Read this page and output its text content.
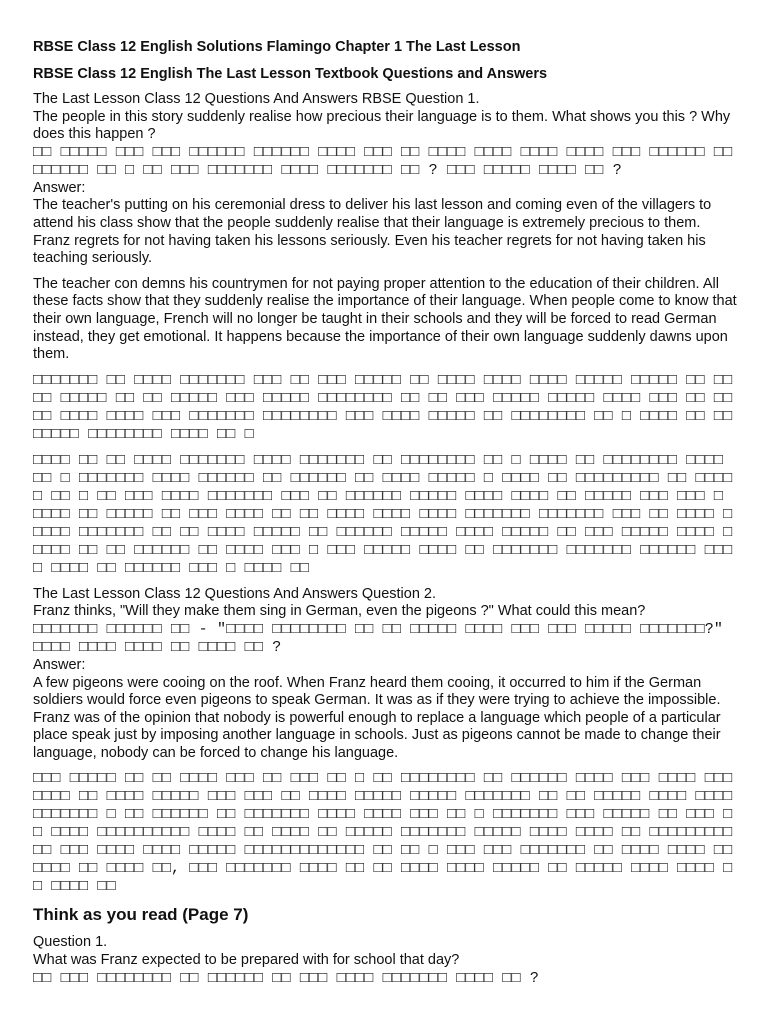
RBSE Class 12 English Solutions Flamingo Chapter 1 The Last Lesson
RBSE Class 12 English The Last Lesson Textbook Questions and Answers

The Last Lesson Class 12 Questions And Answers RBSE Question 1.
The people in this story suddenly realise how precious their language is to them. What shows you this ? Why does this happen ?
□□ □□□□□ □□□ □□□ □□□□□□ □□□□□□ □□□□ □□□ □□ □□□□ □□□□ □□□□ □□□□ □□□ □□□□□□ □□□□□□□□ □□ □ □□ □□□ □□□□□□□ □□□□ □□□□□□□ □□ ? □□□ □□□□□ □□□□ □□ ?
Answer:
The teacher's putting on his ceremonial dress to deliver his last lesson and coming even of the villagers to attend his class show that the people suddenly realise that their language is extremely precious to them. Franz regrets for not having taken his lessons seriously. Even his teacher regrets for not having taken his teaching seriously.

The teacher con demns his countrymen for not paying proper attention to the education of their children. All these facts show that they suddenly realise the importance of their language. When people come to know that their own language, French will no longer be taught in their schools and they will be forced to read German instead, they get emotional. It happens because the importance of their own language suddenly dawns upon them.

□□□□□□□ □□ □□□□ □□□□□□□ □□□ □□ □□□ □□□□□ □□ □□□□ □□□□ □□□□ □□□□□ □□□□□ □□ □□□□ □□□□□ □□ □□ □□□□□ □□□ □□□□□ □□□□□□□□ □□ □□ □□□ □□□□□ □□□□□ □□□□ □□□ □□ □□□□ □□□□ □□□□ □□□ □□□□□□□ □□□□□□□□ □□□ □□□□ □□□□□ □□ □□□□□□□□ □□ □ □□□□ □□ □□□□□□□ □□□□□□□□ □□□□ □□ □

□□□□ □□ □□ □□□□ □□□□□□□ □□□□ □□□□□□□ □□ □□□□□□□□ □□ □ □□□□ □□ □□□□□□□□ □□□□ □□ □ □□□□□□□ □□□□ □□□□□□ □□ □□□□□□ □□ □□□□ □□□□□ □ □□□□ □□ □□□□□□□□□ □□ □□□□□ □□ □ □□ □□□ □□□□ □□□□□□□ □□□ □□ □□□□□□ □□□□□ □□□□ □□□□ □□ □□□□□ □□□ □□□ □ □□□□ □□ □□□□□ □□ □□□ □□□□ □□ □□ □□□□ □□□□ □□□□ □□□□□□□ □□□□□□□ □□□ □□ □□□□ □□□□□ □□□□□□□ □□ □□ □□□□ □□□□□ □□ □□□□□□ □□□□□ □□□□ □□□□□ □□ □□□ □□□□□ □□□□ □□□□□ □□ □□ □□□□□□ □□ □□□□ □□□ □ □□□ □□□□□ □□□□ □□ □□□□□□□ □□□□□□□ □□□□□□ □□□□ □□□□ □□ □□□□□□ □□□ □ □□□□ □□

The Last Lesson Class 12 Questions And Answers Question 2.
Franz thinks, "Will they make them sing in German, even the pigeons ?" What could this mean?
□□□□□□□ □□□□□□ □□ - "□□□□ □□□□□□□□ □□ □□ □□□□□ □□□□ □□□ □□□ □□□□□ □□□□□□□?" □□□□ □□□□ □□□□ □□ □□□□ □□ ?
Answer:
A few pigeons were cooing on the roof. When Franz heard them cooing, it occurred to him if the German soldiers would force even pigeons to speak German. It was as if they were trying to achieve the impossible. Franz was of the opinion that nobody is powerful enough to replace a language which people of a particular place speak just by imposing another language in schools. Just as pigeons cannot be made to change their language, nobody can be forced to change his language.

□□□ □□□□□ □□ □□ □□□□ □□□ □□ □□□ □□ □ □□ □□□□□□□□ □□ □□□□□□ □□□□ □□□ □□□□ □□□ □□□□ □□ □□□□ □□□□□ □□□ □□□ □□ □□□□ □□□□□ □□□□□ □□□□□□□ □□ □□ □□□□□ □□□□ □□□□□□□□□□□ □ □□ □□□□□□ □□ □□□□□□□ □□□□ □□□□ □□□ □□ □ □□□□□□□ □□□ □□□□□ □□ □□□ □□ □□□□ □□□□□□□□□□ □□□□ □□ □□□□ □□ □□□□□ □□□□□□□ □□□□□ □□□□ □□□□ □□ □□□□□□□□□□□ □□□ □□□□ □□□□ □□□□□ □□□□□□□□□□□□□ □□ □□ □ □□□ □□□ □□□□□□□ □□ □□□□ □□□□ □□□□□□ □□ □□□□ □□, □□□ □□□□□□□ □□□□ □□ □□ □□□□ □□□□ □□□□□ □□ □□□□□ □□□□ □□□□ □□ □□□□ □□

Think as you read (Page 7)

Question 1.
What was Franz expected to be prepared with for school that day?
□□ □□□ □□□□□□□□ □□ □□□□□□ □□ □□□ □□□□ □□□□□□□ □□□□ □□ ?
